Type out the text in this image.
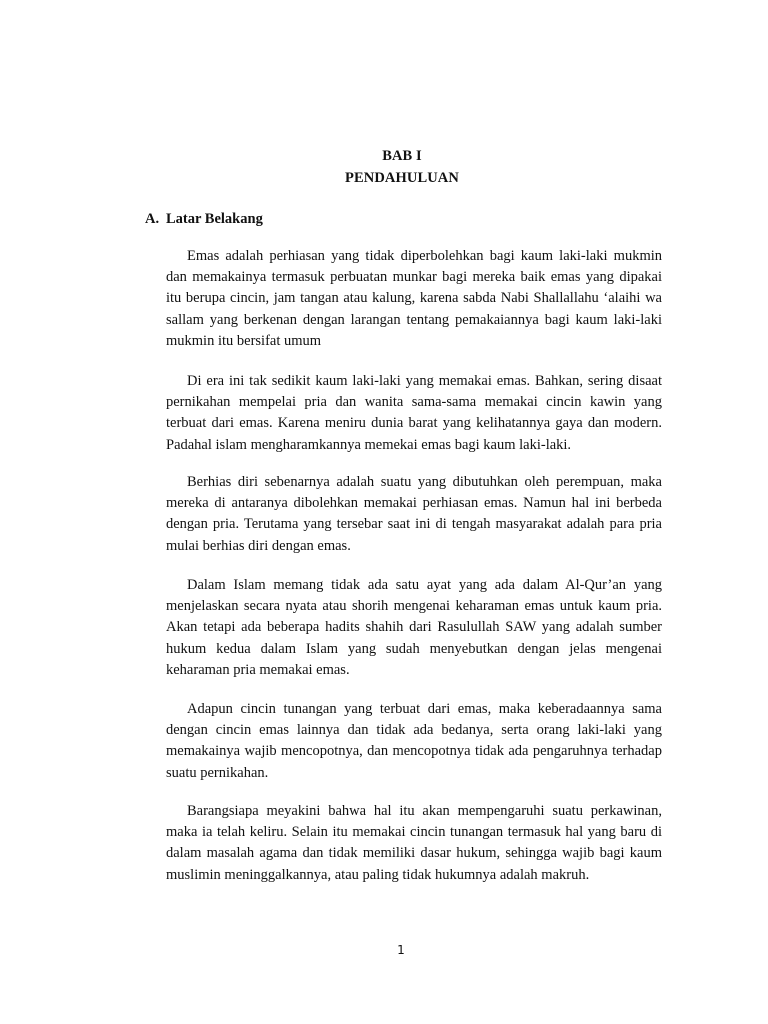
BAB I
PENDAHULUAN
A. Latar Belakang

Emas adalah perhiasan yang tidak diperbolehkan bagi kaum laki-laki mukmin dan memakainya termasuk perbuatan munkar bagi mereka baik emas yang dipakai itu berupa cincin, jam tangan atau kalung, karena sabda Nabi Shallallahu ‘alaihi wa sallam yang berkenan dengan larangan tentang pemakaiannya bagi kaum laki-laki mukmin itu bersifat umum

Di era ini tak sedikit kaum laki-laki yang memakai emas. Bahkan, sering disaat pernikahan mempelai pria dan wanita sama-sama memakai cincin kawin yang terbuat dari emas. Karena meniru dunia barat yang kelihatannya gaya dan modern. Padahal islam mengharamkannya memekai emas bagi kaum laki-laki.

Berhias diri sebenarnya adalah suatu yang dibutuhkan oleh perempuan, maka mereka di antaranya dibolehkan memakai perhiasan emas. Namun hal ini berbeda dengan pria. Terutama yang tersebar saat ini di tengah masyarakat adalah para pria mulai berhias diri dengan emas.

Dalam Islam memang tidak ada satu ayat yang ada dalam Al-Qur’an yang menjelaskan secara nyata atau shorih mengenai keharaman emas untuk kaum pria. Akan tetapi ada beberapa hadits shahih dari Rasulullah SAW yang adalah sumber hukum kedua dalam Islam yang sudah menyebutkan dengan jelas mengenai keharaman pria memakai emas.

Adapun cincin tunangan yang terbuat dari emas, maka keberadaannya sama dengan cincin emas lainnya dan tidak ada bedanya, serta orang laki-laki yang memakainya wajib mencopotnya, dan mencopotnya tidak ada pengaruhnya terhadap suatu pernikahan.

Barangsiapa meyakini bahwa hal itu akan mempengaruhi suatu perkawinan, maka ia telah keliru. Selain itu memakai cincin tunangan termasuk hal yang baru di dalam masalah agama dan tidak memiliki dasar hukum, sehingga wajib bagi kaum muslimin meninggalkannya, atau paling tidak hukumnya adalah makruh.

1
